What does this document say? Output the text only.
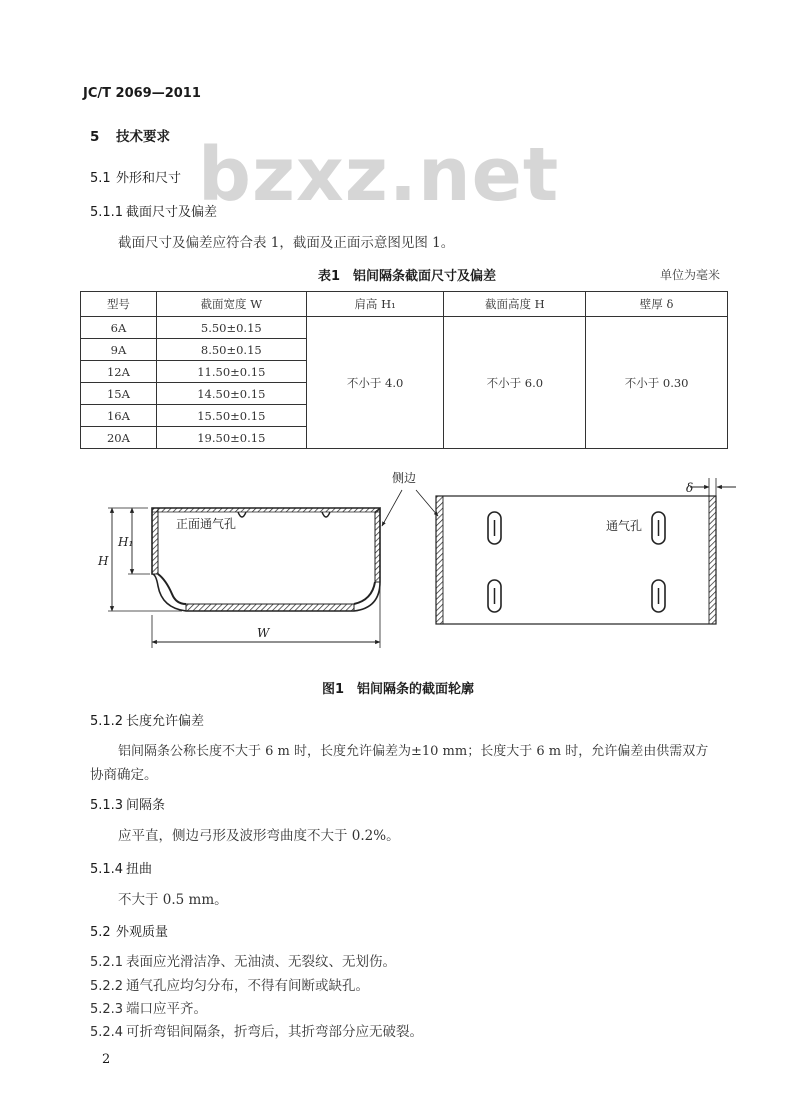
JC/T 2069—2011
bzxz.net
5 技术要求
5.1 外形和尺寸
5.1.1 截面尺寸及偏差
截面尺寸及偏差应符合表 1，截面及正面示意图见图 1。
表1　铝间隔条截面尺寸及偏差	单位为毫米
型号	截面宽度 W	肩高 H₁	截面高度 H	壁厚 δ
6A	5.50±0.15	不小于 4.0	不小于 6.0	不小于 0.30
9A	8.50±0.15			
12A	11.50±0.15			
15A	14.50±0.15			
16A	15.50±0.15			
20A	19.50±0.15			
H
H₁
W
正面通气孔
侧边
通气孔
δ
图1　铝间隔条的截面轮廓
5.1.2 长度允许偏差
铝间隔条公称长度不大于 6 m 时，长度允许偏差为±10 mm；长度大于 6 m 时，允许偏差由供需双方
协商确定。
5.1.3 间隔条
应平直，侧边弓形及波形弯曲度不大于 0.2%。
5.1.4 扭曲
不大于 0.5 mm。
5.2 外观质量
5.2.1 表面应光滑洁净、无油渍、无裂纹、无划伤。
5.2.2 通气孔应均匀分布，不得有间断或缺孔。
5.2.3 端口应平齐。
5.2.4 可折弯铝间隔条，折弯后，其折弯部分应无破裂。
2
